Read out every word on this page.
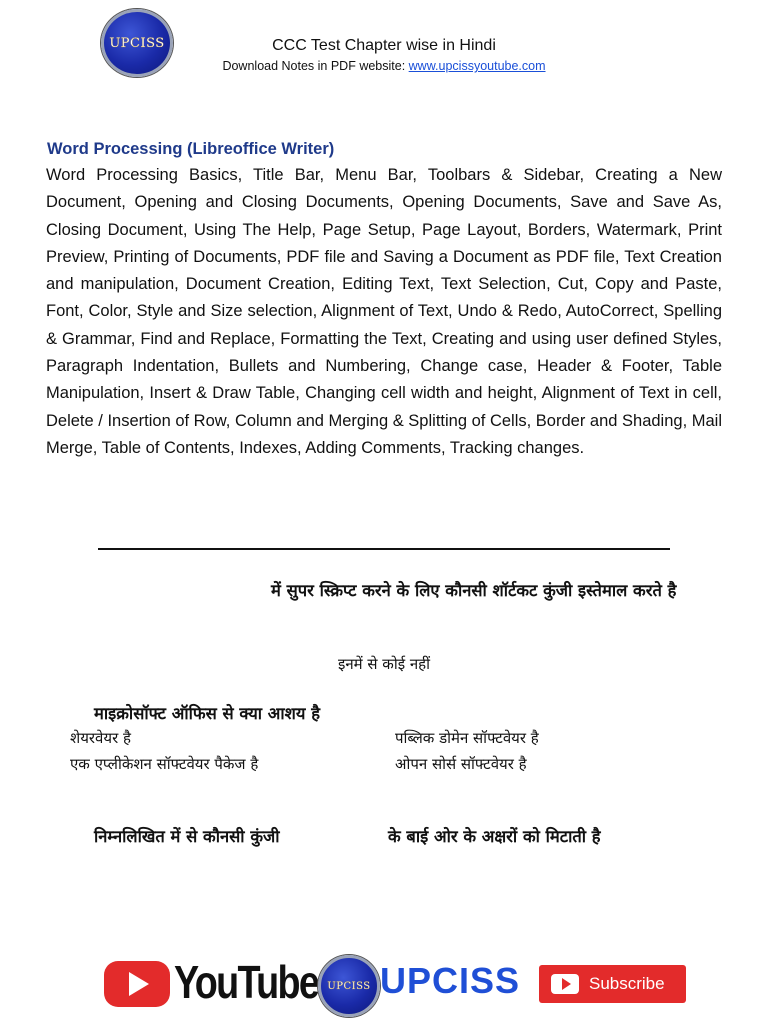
UPCISS	CCC Test Chapter wise in Hindi
Download Notes in PDF website: www.upcissyoutube.com
Word Processing (Libreoffice Writer)

Word Processing Basics, Title Bar, Menu Bar, Toolbars & Sidebar, Creating a New Document, Opening and Closing Documents, Opening Documents, Save and Save As, Closing Document, Using The Help, Page Setup, Page Layout, Borders, Watermark, Print Preview, Printing of Documents, PDF file and Saving a Document as PDF file, Text Creation and manipulation, Document Creation, Editing Text, Text Selection, Cut, Copy and Paste, Font, Color, Style and Size selection, Alignment of Text, Undo & Redo, AutoCorrect, Spelling & Grammar, Find and Replace, Formatting the Text, Creating and using user defined Styles, Paragraph Indentation, Bullets and Numbering, Change case, Header & Footer, Table Manipulation, Insert & Draw Table, Changing cell width and height, Alignment of Text in cell, Delete / Insertion of Row, Column and Merging & Splitting of Cells, Border and Shading, Mail Merge, Table of Contents, Indexes, Adding Comments, Tracking changes.

में सुपर स्क्रिप्ट करने के लिए कौनसी शॉर्टकट कुंजी इस्तेमाल करते है

इनमें से कोई नहीं
माइक्रोसॉफ्ट ऑफिस से क्या आशय है
शेयरवेयर है	पब्लिक डोमेन सॉफ्टवेयर है
एक एप्लीकेशन सॉफ्टवेयर पैकेज है	ओपन सोर्स सॉफ्टवेयर है
निम्नलिखित में से कौनसी कुंजी	के बाई ओर के अक्षरों को मिटाती है
YouTube UPCISS UPCISS	Subscribe
